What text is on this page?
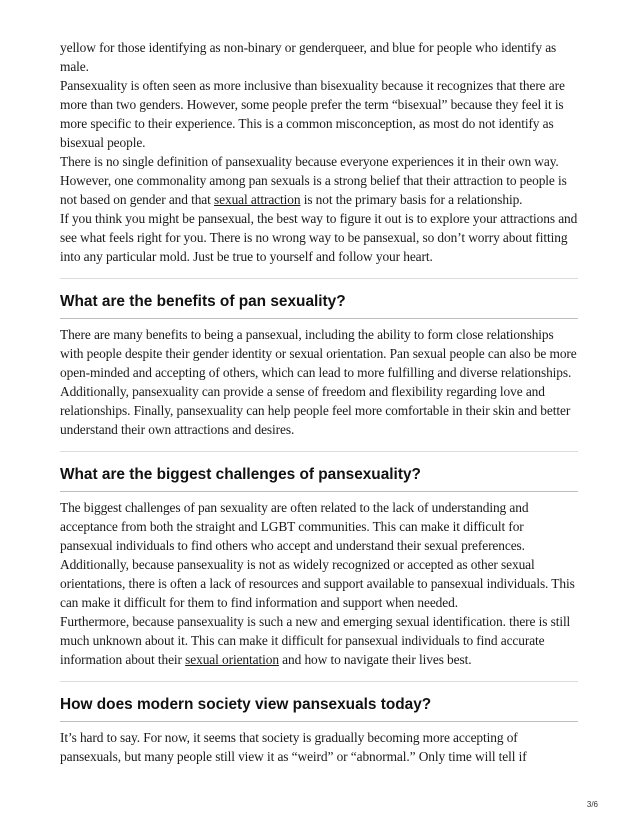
yellow for those identifying as non-binary or genderqueer, and blue for people who identify as male.

Pansexuality is often seen as more inclusive than bisexuality because it recognizes that there are more than two genders. However, some people prefer the term “bisexual” because they feel it is more specific to their experience. This is a common misconception, as most do not identify as bisexual people.

There is no single definition of pansexuality because everyone experiences it in their own way. However, one commonality among pan sexuals is a strong belief that their attraction to people is not based on gender and that sexual attraction is not the primary basis for a relationship.

If you think you might be pansexual, the best way to figure it out is to explore your attractions and see what feels right for you. There is no wrong way to be pansexual, so don’t worry about fitting into any particular mold. Just be true to yourself and follow your heart.

What are the benefits of pan sexuality?

There are many benefits to being a pansexual, including the ability to form close relationships with people despite their gender identity or sexual orientation. Pan sexual people can also be more open-minded and accepting of others, which can lead to more fulfilling and diverse relationships.

Additionally, pansexuality can provide a sense of freedom and flexibility regarding love and relationships. Finally, pansexuality can help people feel more comfortable in their skin and better understand their own attractions and desires.

What are the biggest challenges of pansexuality?

The biggest challenges of pan sexuality are often related to the lack of understanding and acceptance from both the straight and LGBT communities. This can make it difficult for pansexual individuals to find others who accept and understand their sexual preferences.

Additionally, because pansexuality is not as widely recognized or accepted as other sexual orientations, there is often a lack of resources and support available to pansexual individuals. This can make it difficult for them to find information and support when needed.

Furthermore, because pansexuality is such a new and emerging sexual identification. there is still much unknown about it. This can make it difficult for pansexual individuals to find accurate information about their sexual orientation and how to navigate their lives best.

How does modern society view pansexuals today?

It’s hard to say. For now, it seems that society is gradually becoming more accepting of pansexuals, but many people still view it as “weird” or “abnormal.” Only time will tell if

3/6
